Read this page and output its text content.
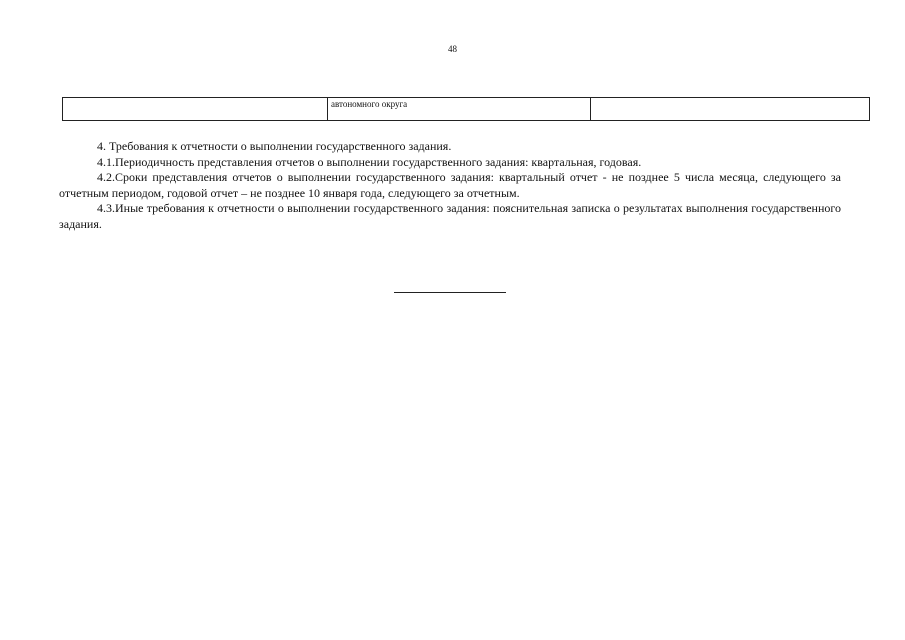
48
	автономного округа	

4. Требования к отчетности о выполнении государственного задания.

4.1.Периодичность представления отчетов о выполнении государственного задания: квартальная, годовая.

4.2.Сроки представления отчетов о выполнении государственного задания: квартальный отчет - не позднее 5 числа месяца, следующего за отчетным периодом, годовой отчет – не позднее 10 января года, следующего за отчетным.

4.3.Иные требования к отчетности о выполнении государственного задания: пояснительная записка о результатах выполнения государственного задания.
